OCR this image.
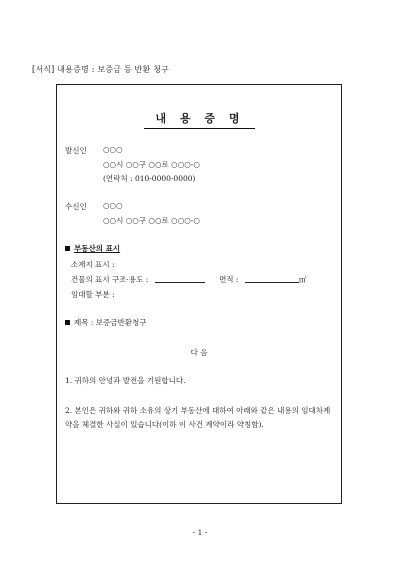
[서식] 내용증명 : 보증금 등 반환 청구
내 용 증 명
발신인 ○○○
○○시 ○○구 ○○로 ○○○-○
(연락처 : 010-0000-0000)
수신인 ○○○
○○시 ○○구 ○○로 ○○○-○
부동산의 표시
소재지 표시 :
건물의 표시 구조·용도 :	면적 :	㎡
임대할 부분 :
제목 : 보증금반환청구
다 음
1. 귀하의 안녕과 발전을 기원합니다.
2. 본인은 귀하와 귀하 소유의 상기 부동산에 대하여 아래와 같은 내용의 임대차계
약을 체결한 사실이 있습니다(이하 이 사건 계약이라 약칭함).
- 1 -
